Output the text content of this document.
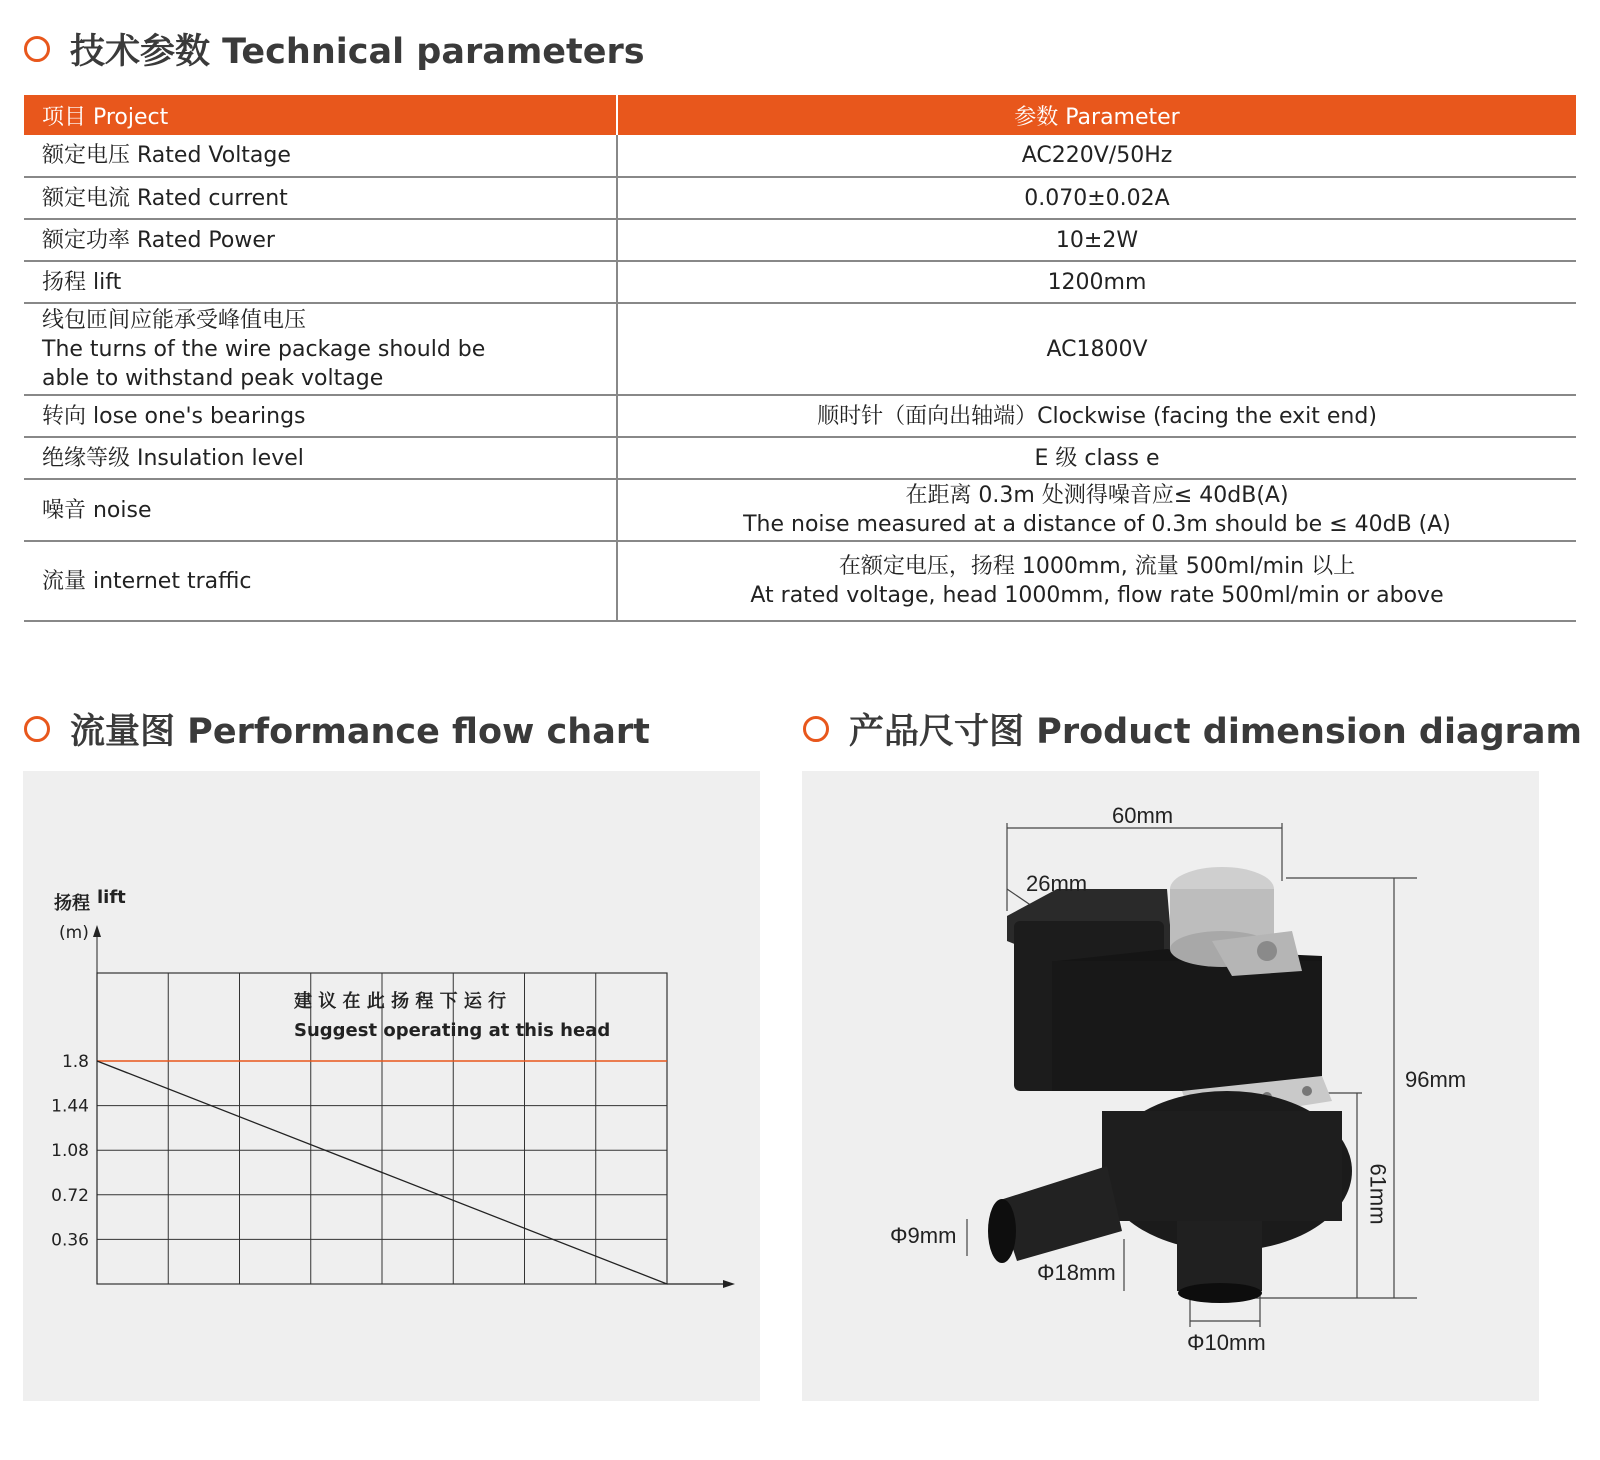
技术参数 Technical parameters
项目 Project	参数 Parameter

额定电压 Rated Voltage	AC220V/50Hz

额定电流 Rated current	0.070±0.02A

额定功率 Rated Power	10±2W

扬程 lift	1200mm

线包匝间应能承受峰值电压
The turns of the wire package should be
able to withstand peak voltage	AC1800V

转向 lose one's bearings	顺时针（面向出轴端）Clockwise (facing the exit end)

绝缘等级 Insulation level	E 级 class e

噪音 noise	在距离 0.3m 处测得噪音应≤ 40dB(A)
The noise measured at a distance of 0.3m should be ≤ 40dB (A)

流量 internet traffic	在额定电压，扬程 1000mm, 流量 500ml/min 以上
At rated voltage, head 1000mm, flow rate 500ml/min or above
流量图 Performance flow chart	产品尺寸图 Product dimension diagram
1.8
1.44
1.08
0.72
0.36
扬程 lift
(m)
建 议 在 此 扬 程 下 运 行
Suggest operating at this head
60mm
26mm
96mm
61mm
Φ9mm
Φ18mm
Φ10mm
